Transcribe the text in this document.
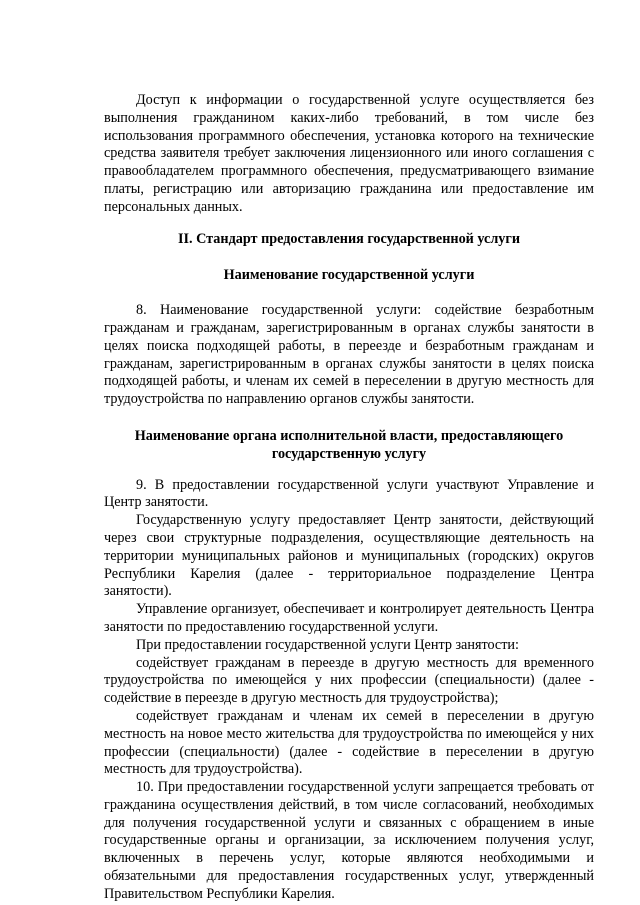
Доступ к информации о государственной услуге осуществляется без выполнения гражданином каких-либо требований, в том числе без использования программного обеспечения, установка которого на технические средства заявителя требует заключения лицензионного или иного соглашения с правообладателем программного обеспечения, предусматривающего взимание платы, регистрацию или авторизацию гражданина или предоставление им персональных данных.

II. Стандарт предоставления государственной услуги
Наименование государственной услуги

8. Наименование государственной услуги: содействие безработным гражданам и гражданам, зарегистрированным в органах службы занятости в целях поиска подходящей работы, в переезде и безработным гражданам и гражданам, зарегистрированным в органах службы занятости в целях поиска подходящей работы, и членам их семей в переселении в другую местность для трудоустройства по направлению органов службы занятости.

Наименование органа исполнительной власти, предоставляющего государственную услугу

9. В предоставлении государственной услуги участвуют Управление и Центр занятости.

Государственную услугу предоставляет Центр занятости, действующий через свои структурные подразделения, осуществляющие деятельность на территории муниципальных районов и муниципальных (городских) округов Республики Карелия (далее - территориальное подразделение Центра занятости).

Управление организует, обеспечивает и контролирует деятельность Центра занятости по предоставлению государственной услуги.

При предоставлении государственной услуги Центр занятости:

содействует гражданам в переезде в другую местность для временного трудоустройства по имеющейся у них профессии (специальности) (далее - содействие в переезде в другую местность для трудоустройства);

содействует гражданам и членам их семей в переселении в другую местность на новое место жительства для трудоустройства по имеющейся у них профессии (специальности) (далее - содействие в переселении в другую местность для трудоустройства).

10. При предоставлении государственной услуги запрещается требовать от гражданина осуществления действий, в том числе согласований, необходимых для получения государственной услуги и связанных с обращением в иные государственные органы и организации, за исключением получения услуг, включенных в перечень услуг, которые являются необходимыми и обязательными для предоставления государственных услуг, утвержденный Правительством Республики Карелия.
